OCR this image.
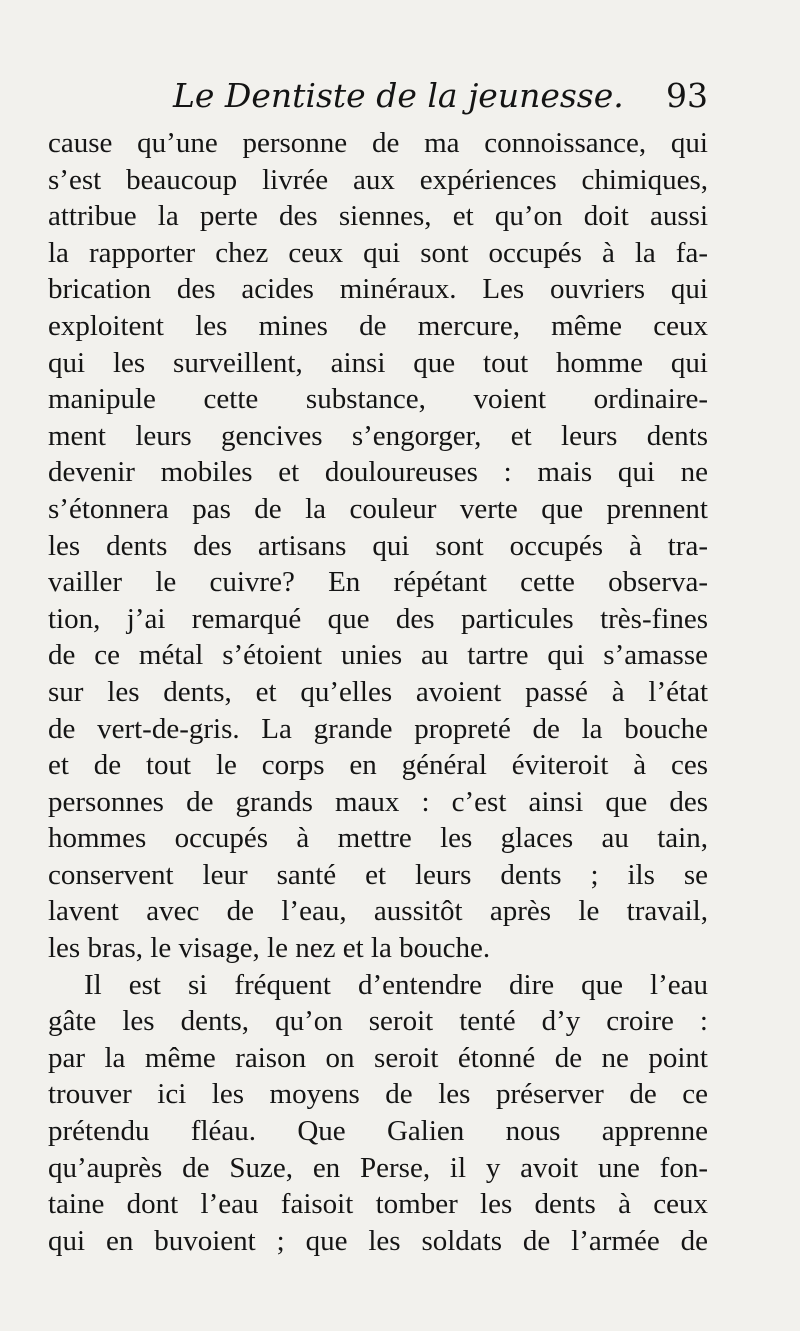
Le Dentiste de la jeunesse. 93
cause qu’une personne de ma connoissance, qui
s’est beaucoup livrée aux expériences chimiques,
attribue la perte des siennes, et qu’on doit aussi
la rapporter chez ceux qui sont occupés à la fa-
brication des acides minéraux. Les ouvriers qui
exploitent les mines de mercure, même ceux
qui les surveillent, ainsi que tout homme qui
manipule cette substance, voient ordinaire-
ment leurs gencives s’engorger, et leurs dents
devenir mobiles et douloureuses : mais qui ne
s’étonnera pas de la couleur verte que prennent
les dents des artisans qui sont occupés à tra-
vailler le cuivre? En répétant cette observa-
tion, j’ai remarqué que des particules très-fines
de ce métal s’étoient unies au tartre qui s’amasse
sur les dents, et qu’elles avoient passé à l’état
de vert-de-gris. La grande propreté de la bouche
et de tout le corps en général éviteroit à ces
personnes de grands maux : c’est ainsi que des
hommes occupés à mettre les glaces au tain,
conservent leur santé et leurs dents ; ils se
lavent avec de l’eau, aussitôt après le travail,
les bras, le visage, le nez et la bouche.
Il est si fréquent d’entendre dire que l’eau
gâte les dents, qu’on seroit tenté d’y croire :
par la même raison on seroit étonné de ne point
trouver ici les moyens de les préserver de ce
prétendu fléau. Que Galien nous apprenne
qu’auprès de Suze, en Perse, il y avoit une fon-
taine dont l’eau faisoit tomber les dents à ceux
qui en buvoient ; que les soldats de l’armée de
